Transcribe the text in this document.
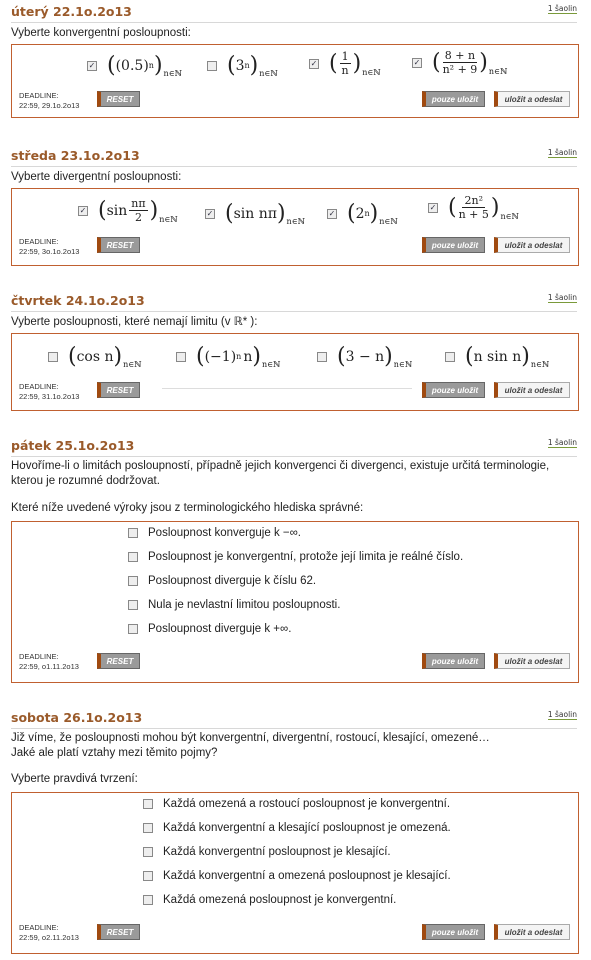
úterý 22.1o.2o13	1 šaolin
Vyberte konvergentní posloupnosti:
✓ ( (0.5) n ) n∈ℕ ( 3 n ) n∈ℕ
✓ ( $\frac{1}{n}$ ) n∈ℕ
✓ ( $\frac{8 + n}{\text{n² + 9}}$ ) n∈ℕ
DEADLINE:
22:59, 29.1o.2o13
RESET	pouze uložit	uložit a odeslat
středa 23.1o.2o13	1 šaolin
Vyberte divergentní posloupnosti:
✓ ( $\sin \frac{n\pi}{2}$ ) n∈ℕ
✓ ( sin nπ ) n∈ℕ
✓ ( 2 n ) n∈ℕ
✓ ( $\frac{\text{2n²}}{n + 5}$ ) n∈ℕ
DEADLINE:
22:59, 3o.1o.2o13
RESET	pouze uložit	uložit a odeslat
čtvrtek 24.1o.2o13	1 šaolin
Vyberte posloupnosti, které nemají limitu (v ℝ* ):
( cos n ) n∈ℕ ( (−1) n n ) n∈ℕ	( 3 − n ) n∈ℕ ( n sin n ) n∈ℕ
DEADLINE:
22:59, 31.1o.2o13
RESET	pouze uložit	uložit a odeslat
pátek 25.1o.2o13	1 šaolin
Hovoříme-li o limitách posloupností, případně jejich konvergenci či divergenci, existuje určitá terminologie, kterou je rozumné dodržovat.
Které níže uvedené výroky jsou z terminologického hlediska správné:
Posloupnost konverguje k −∞.
Posloupnost je konvergentní, protože její limita je reálné číslo.
Posloupnost diverguje k číslu 62.
Nula je nevlastní limitou posloupnosti.
Posloupnost diverguje k +∞.
DEADLINE:
22:59, o1.11.2o13
RESET	pouze uložit	uložit a odeslat
sobota 26.1o.2o13	1 šaolin
Již víme, že posloupnosti mohou být konvergentní, divergentní, rostoucí, klesající, omezené…
Jaké ale platí vztahy mezi těmito pojmy?
Vyberte pravdivá tvrzení:
Každá omezená a rostoucí posloupnost je konvergentní.
Každá konvergentní a klesající posloupnost je omezená.
Každá konvergentní posloupnost je klesající.
Každá konvergentní a omezená posloupnost je klesající.
Každá omezená posloupnost je konvergentní.
DEADLINE:
22:59, o2.11.2o13
RESET	pouze uložit	uložit a odeslat
